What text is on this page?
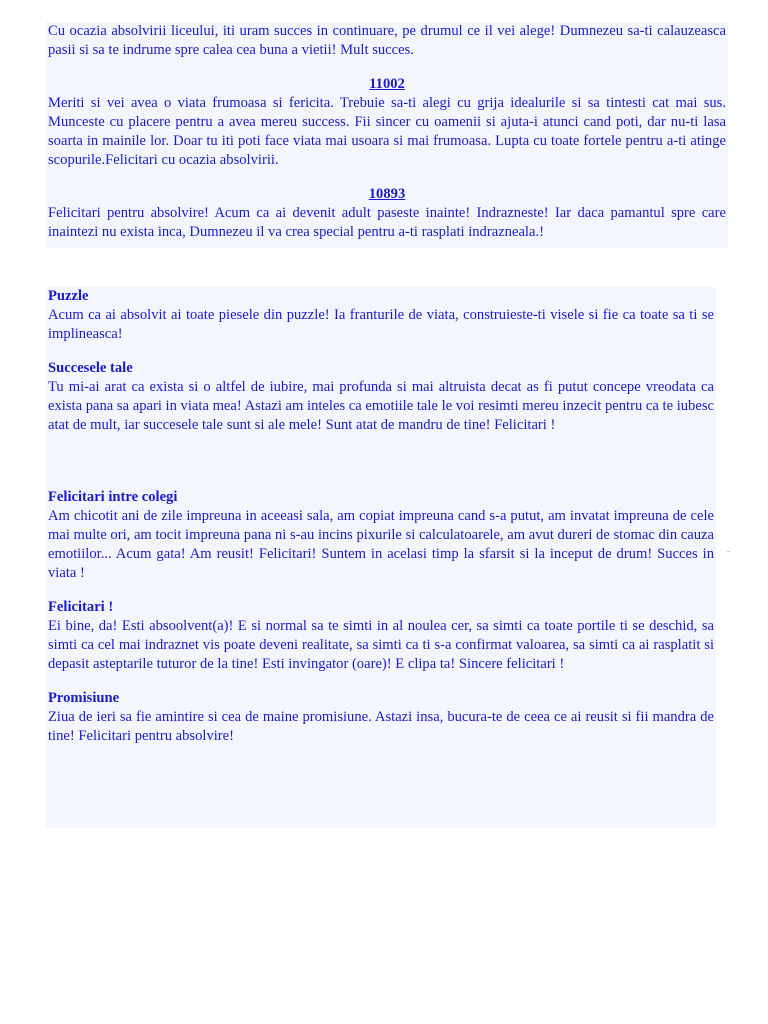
Cu ocazia absolvirii liceului, iti uram succes in continuare, pe drumul ce il vei alege! Dumnezeu sa-ti calauzeasca pasii si sa te indrume spre calea cea buna a vietii! Mult succes.

11002

Meriti si vei avea o viata frumoasa si fericita. Trebuie sa-ti alegi cu grija idealurile si sa tintesti cat mai sus. Munceste cu placere pentru a avea mereu success. Fii sincer cu oamenii si ajuta-i atunci cand poti, dar nu-ti lasa soarta in mainile lor. Doar tu iti poti face viata mai usoara si mai frumoasa. Lupta cu toate fortele pentru a-ti atinge scopurile.Felicitari cu ocazia absolvirii.

10893

Felicitari pentru absolvire! Acum ca ai devenit adult paseste inainte! Indrazneste! Iar daca pamantul spre care inaintezi nu exista inca, Dumnezeu il va crea special pentru a-ti rasplati indrazneala.!

Puzzle

Acum ca ai absolvit ai toate piesele din puzzle! Ia franturile de viata, construieste-ti visele si fie ca toate sa ti se implineasca!

Succesele tale

Tu mi-ai arat ca exista si o altfel de iubire, mai profunda si mai altruista decat as fi putut concepe vreodata ca exista pana sa apari in viata mea! Astazi am inteles ca emotiile tale le voi resimti mereu inzecit pentru ca te iubesc atat de mult, iar succesele tale sunt si ale mele! Sunt atat de mandru de tine! Felicitari !

Felicitari intre colegi

Am chicotit ani de zile impreuna in aceeasi sala, am copiat impreuna cand s-a putut, am invatat impreuna de cele mai multe ori, am tocit impreuna pana ni s-au incins pixurile si calculatoarele, am avut dureri de stomac din cauza emotiilor... Acum gata! Am reusit! Felicitari! Suntem in acelasi timp la sfarsit si la inceput de drum! Succes in viata !

Felicitari !

Ei bine, da! Esti absoolvent(a)! E si normal sa te simti in al noulea cer, sa simti ca toate portile ti se deschid, sa simti ca cel mai indraznet vis poate deveni realitate, sa simti ca ti s-a confirmat valoarea, sa simti ca ai rasplatit si depasit asteptarile tuturor de la tine! Esti invingator (oare)! E clipa ta! Sincere felicitari !

Promisiune

Ziua de ieri sa fie amintire si cea de maine promisiune. Astazi insa, bucura-te de ceea ce ai reusit si fii mandra de tine! Felicitari pentru absolvire!
